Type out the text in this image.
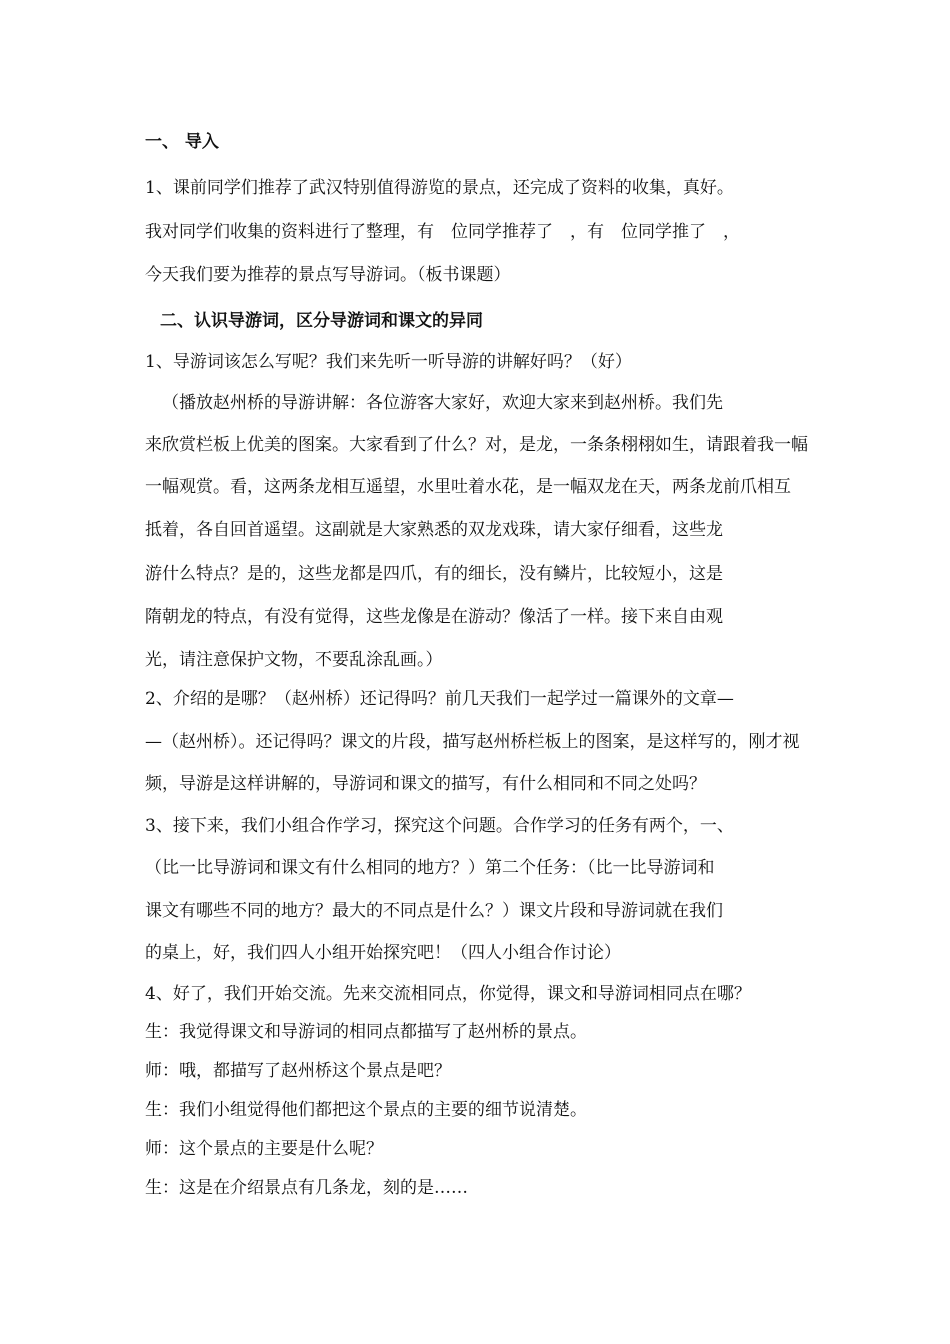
一、 导入
1、课前同学们推荐了武汉特别值得游览的景点，还完成了资料的收集，真好。
我对同学们收集的资料进行了整理，有　位同学推荐了　，有　位同学推了　，
今天我们要为推荐的景点写导游词。（板书课题）
二、认识导游词，区分导游词和课文的异同
1、导游词该怎么写呢？我们来先听一听导游的讲解好吗？（好）
（播放赵州桥的导游讲解：各位游客大家好，欢迎大家来到赵州桥。我们先
来欣赏栏板上优美的图案。大家看到了什么？对，是龙，一条条栩栩如生，请跟着我一幅
一幅观赏。看，这两条龙相互遥望，水里吐着水花，是一幅双龙在天，两条龙前爪相互
抵着，各自回首遥望。这副就是大家熟悉的双龙戏珠，请大家仔细看，这些龙
游什么特点？是的，这些龙都是四爪，有的细长，没有鳞片，比较短小，这是
隋朝龙的特点，有没有觉得，这些龙像是在游动？像活了一样。接下来自由观
光，请注意保护文物，不要乱涂乱画。）
2、介绍的是哪？（赵州桥）还记得吗？前几天我们一起学过一篇课外的文章—
—（赵州桥）。还记得吗？课文的片段，描写赵州桥栏板上的图案，是这样写的，刚才视
频，导游是这样讲解的，导游词和课文的描写，有什么相同和不同之处吗？
3、接下来，我们小组合作学习，探究这个问题。合作学习的任务有两个，一、
（比一比导游词和课文有什么相同的地方？）第二个任务：（比一比导游词和
课文有哪些不同的地方？最大的不同点是什么？）课文片段和导游词就在我们
的桌上，好，我们四人小组开始探究吧！（四人小组合作讨论）
4、好了，我们开始交流。先来交流相同点，你觉得，课文和导游词相同点在哪？
生：我觉得课文和导游词的相同点都描写了赵州桥的景点。
师：哦，都描写了赵州桥这个景点是吧？
生：我们小组觉得他们都把这个景点的主要的细节说清楚。
师：这个景点的主要是什么呢？
生：这是在介绍景点有几条龙，刻的是……
